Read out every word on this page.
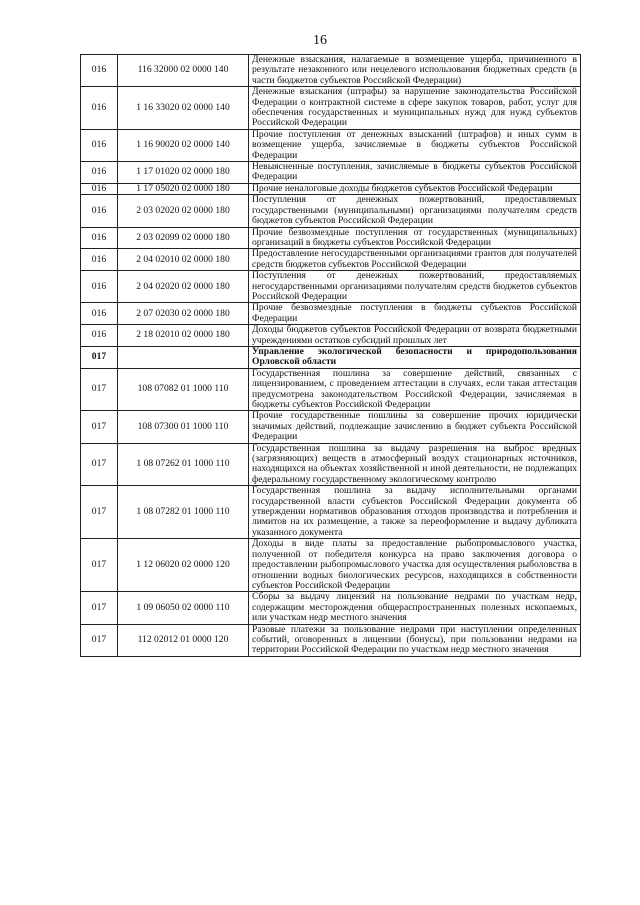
16
016	116 32000 02 0000 140	Денежные взыскания, налагаемые в возмещение ущерба, причиненного в результате незаконного или нецелевого использования бюджетных средств (в части бюджетов субъектов Российской Федерации)
016	1 16 33020 02 0000 140	Денежные взыскания (штрафы) за нарушение законодательства Российской Федерации о контрактной системе в сфере закупок товаров, работ, услуг для обеспечения государственных и муниципальных нужд для нужд субъектов Российской Федерации
016	1 16 90020 02 0000 140	Прочие поступления от денежных взысканий (штрафов) и иных сумм в возмещение ущерба, зачисляемые в бюджеты субъектов Российской Федерации
016	1 17 01020 02 0000 180	Невыясненные поступления, зачисляемые в бюджеты субъектов Российской Федерации
016	1 17 05020 02 0000 180	Прочие неналоговые доходы бюджетов субъектов Российской Федерации
016	2 03 02020 02 0000 180	Поступления от денежных пожертвований, предоставляемых государственными (муниципальными) организациями получателям средств бюджетов субъектов Российской Федерации
016	2 03 02099 02 0000 180	Прочие безвозмездные поступления от государственных (муниципальных) организаций в бюджеты субъектов Российской Федерации
016	2 04 02010 02 0000 180	Предоставление негосударственными организациями грантов для получателей средств бюджетов субъектов Российской Федерации
016	2 04 02020 02 0000 180	Поступления от денежных пожертвований, предоставляемых негосударственными организациями получателям средств бюджетов субъектов Российской Федерации
016	2 07 02030 02 0000 180	Прочие безвозмездные поступления в бюджеты субъектов Российской Федерации
016	2 18 02010 02 0000 180	Доходы бюджетов субъектов Российской Федерации от возврата бюджетными учреждениями остатков субсидий прошлых лет
017		Управление экологической безопасности и природопользования Орловской области
017	108 07082 01 1000 110	Государственная пошлина за совершение действий, связанных с лицензированием, с проведением аттестации в случаях, если такая аттестация предусмотрена законодательством Российской Федерации, зачисляемая в бюджеты субъектов Российской Федерации
017	108 07300 01 1000 110	Прочие государственные пошлины за совершение прочих юридически значимых действий, подлежащие зачислению в бюджет субъекта Российской Федерации
017	1 08 07262 01 1000 110	Государственная пошлина за выдачу разрешения на выброс вредных (загрязняющих) веществ в атмосферный воздух стационарных источников, находящихся на объектах хозяйственной и иной деятельности, не подлежащих федеральному государственному экологическому контролю
017	1 08 07282 01 1000 110	Государственная пошлина за выдачу исполнительными органами государственной власти субъектов Российской Федерации документа об утверждении нормативов образования отходов производства и потребления и лимитов на их размещение, а также за переоформление и выдачу дубликата указанного документа
017	1 12 06020 02 0000 120	Доходы в виде платы за предоставление рыбопромыслового участка, полученной от победителя конкурса на право заключения договора о предоставлении рыбопромыслового участка для осуществления рыболовства в отношении водных биологических ресурсов, находящихся в собственности субъектов Российской Федерации
017	1 09 06050 02 0000 110	Сборы за выдачу лицензий на пользование недрами по участкам недр, содержащим месторождения общераспространенных полезных ископаемых, или участкам недр местного значения
017	112 02012 01 0000 120	Разовые платежи за пользование недрами при наступлении определенных событий, оговоренных в лицензии (бонусы), при пользовании недрами на территории Российской Федерации по участкам недр местного значения
